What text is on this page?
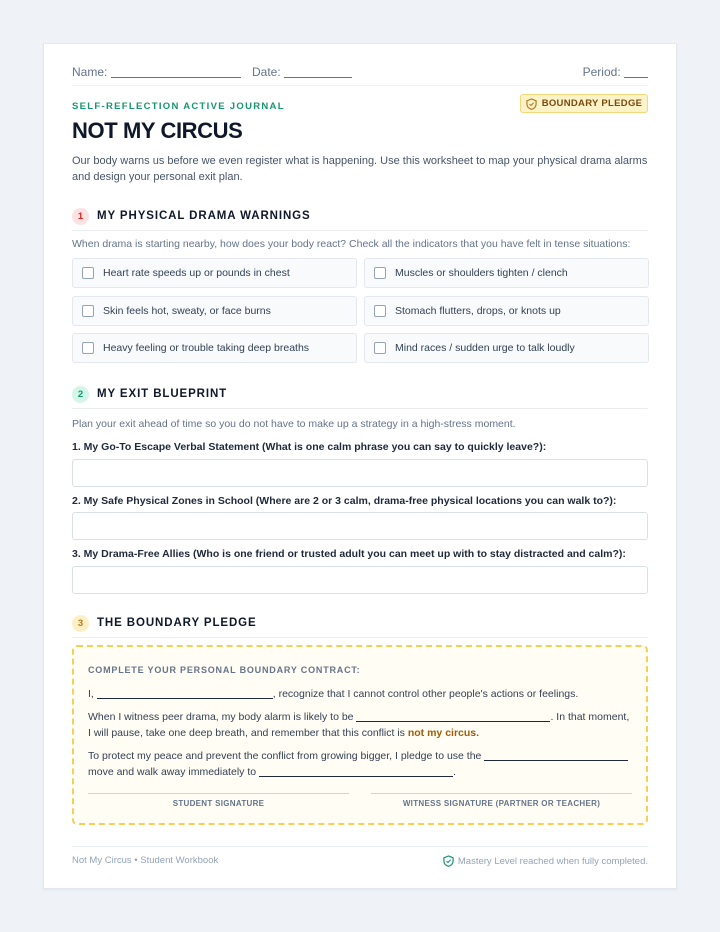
Name:	Date:	Period:
SELF-REFLECTION ACTIVE JOURNAL	BOUNDARY PLEDGE
NOT MY CIRCUS
Our body warns us before we even register what is happening. Use this worksheet to map your physical drama alarms and design your personal exit plan.
1	MY PHYSICAL DRAMA WARNINGS
When drama is starting nearby, how does your body react? Check all the indicators that you have felt in tense situations:
Heart rate speeds up or pounds in chest	Muscles or shoulders tighten / clench
Skin feels hot, sweaty, or face burns	Stomach flutters, drops, or knots up
Heavy feeling or trouble taking deep breaths	Mind races / sudden urge to talk loudly
2	MY EXIT BLUEPRINT
Plan your exit ahead of time so you do not have to make up a strategy in a high-stress moment.
1. My Go-To Escape Verbal Statement (What is one calm phrase you can say to quickly leave?):
2. My Safe Physical Zones in School (Where are 2 or 3 calm, drama-free physical locations you can walk to?):
3. My Drama-Free Allies (Who is one friend or trusted adult you can meet up with to stay distracted and calm?):
3	THE BOUNDARY PLEDGE
COMPLETE YOUR PERSONAL BOUNDARY CONTRACT:
I,	, recognize that I cannot control other people's actions or feelings.
When I witness peer drama, my body alarm is likely to be	. In that moment, I will pause, take one deep breath, and remember that this conflict is not my circus.
To protect my peace and prevent the conflict from growing bigger, I pledge to use the  move and walk away immediately to	.
STUDENT SIGNATURE	WITNESS SIGNATURE (PARTNER OR TEACHER)
Not My Circus • Student Workbook	Mastery Level reached when fully completed.
